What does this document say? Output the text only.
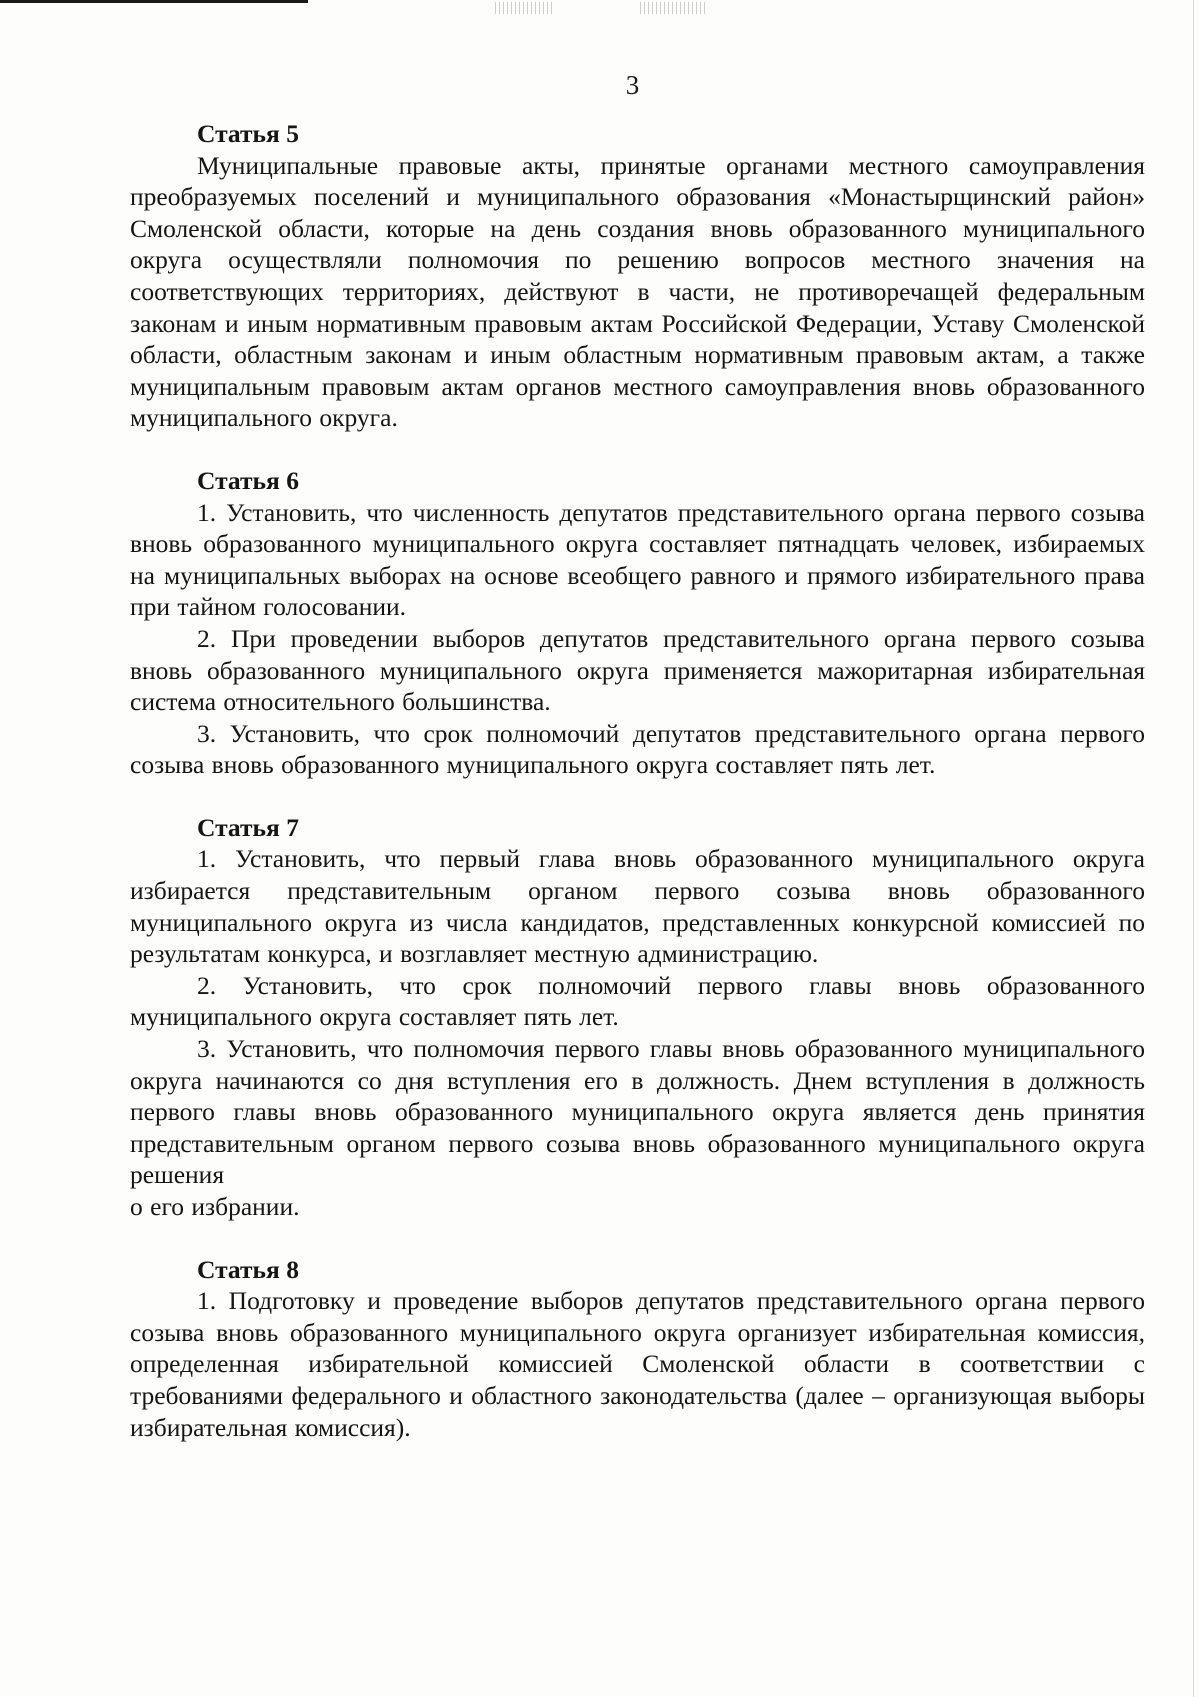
3
Статья 5

Муниципальные правовые акты, принятые органами местного самоуправления преобразуемых поселений и муниципального образования «Монастырщинский район» Смоленской области, которые на день создания вновь образованного муниципального округа осуществляли полномочия по решению вопросов местного значения на соответствующих территориях, действуют в части, не противоречащей федеральным законам и иным нормативным правовым актам Российской Федерации, Уставу Смоленской области, областным законам и иным областным нормативным правовым актам, а также муниципальным правовым актам органов местного самоуправления вновь образованного муниципального округа.

Статья 6

1. Установить, что численность депутатов представительного органа первого созыва вновь образованного муниципального округа составляет пятнадцать человек, избираемых на муниципальных выборах на основе всеобщего равного и прямого избирательного права при тайном голосовании.

2. При проведении выборов депутатов представительного органа первого созыва вновь образованного муниципального округа применяется мажоритарная избирательная система относительного большинства.

3. Установить, что срок полномочий депутатов представительного органа первого созыва вновь образованного муниципального округа составляет пять лет.

Статья 7

1. Установить, что первый глава вновь образованного муниципального округа избирается представительным органом первого созыва вновь образованного муниципального округа из числа кандидатов, представленных конкурсной комиссией по результатам конкурса, и возглавляет местную администрацию.

2. Установить, что срок полномочий первого главы вновь образованного муниципального округа составляет пять лет.

3. Установить, что полномочия первого главы вновь образованного муниципального округа начинаются со дня вступления его в должность. Днем вступления в должность первого главы вновь образованного муниципального округа является день принятия представительным органом первого созыва вновь образованного муниципального округа решения

о его избрании.

Статья 8

1. Подготовку и проведение выборов депутатов представительного органа первого созыва вновь образованного муниципального округа организует избирательная комиссия, определенная избирательной комиссией Смоленской области в соответствии с требованиями федерального и областного законодательства (далее – организующая выборы избирательная комиссия).
